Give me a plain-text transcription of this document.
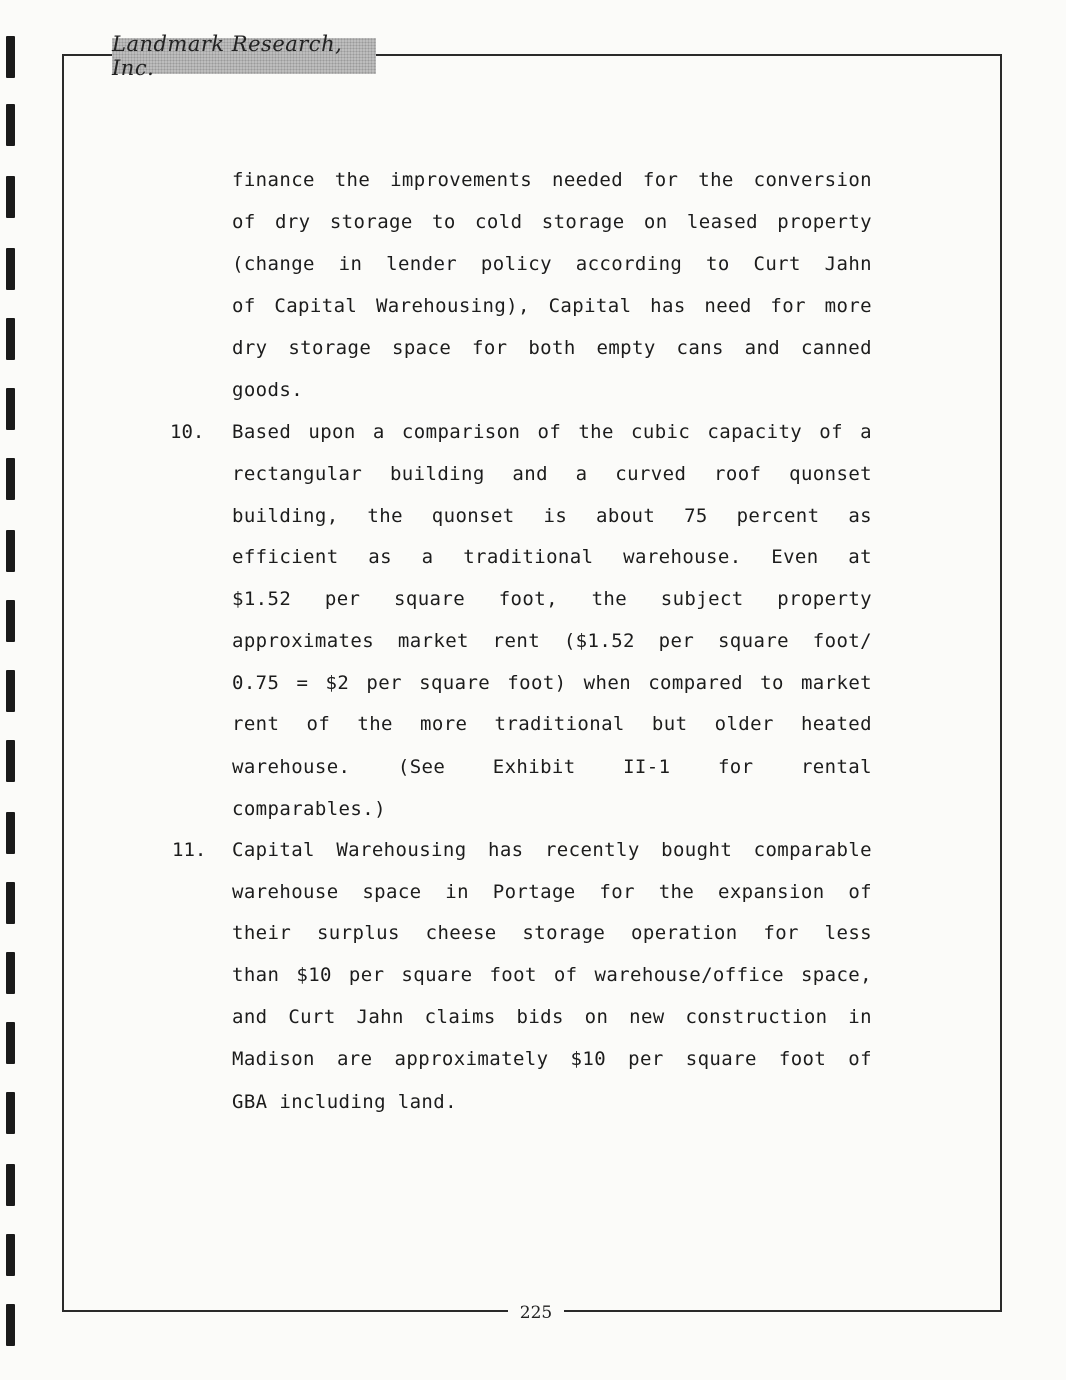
Landmark Research, Inc.
finance the improvements needed for the conversion
of dry storage to cold storage on leased property
(change in lender policy according to Curt Jahn
of Capital Warehousing), Capital has need for more
dry storage space for both empty cans and canned
goods.
10. Based upon a comparison of the cubic capacity of a
rectangular building and a curved roof quonset
building, the quonset is about 75 percent as
efficient as a traditional warehouse. Even at
$1.52 per square foot, the subject property
approximates market rent ($1.52 per square foot/
0.75 = $2 per square foot) when compared to market
rent of the more traditional but older heated
warehouse. (See Exhibit II-1 for rental
comparables.)
11. Capital Warehousing has recently bought comparable
warehouse space in Portage for the expansion of
their surplus cheese storage operation for less
than $10 per square foot of warehouse/office space,
and Curt Jahn claims bids on new construction in
Madison are approximately $10 per square foot of
GBA including land.
225
